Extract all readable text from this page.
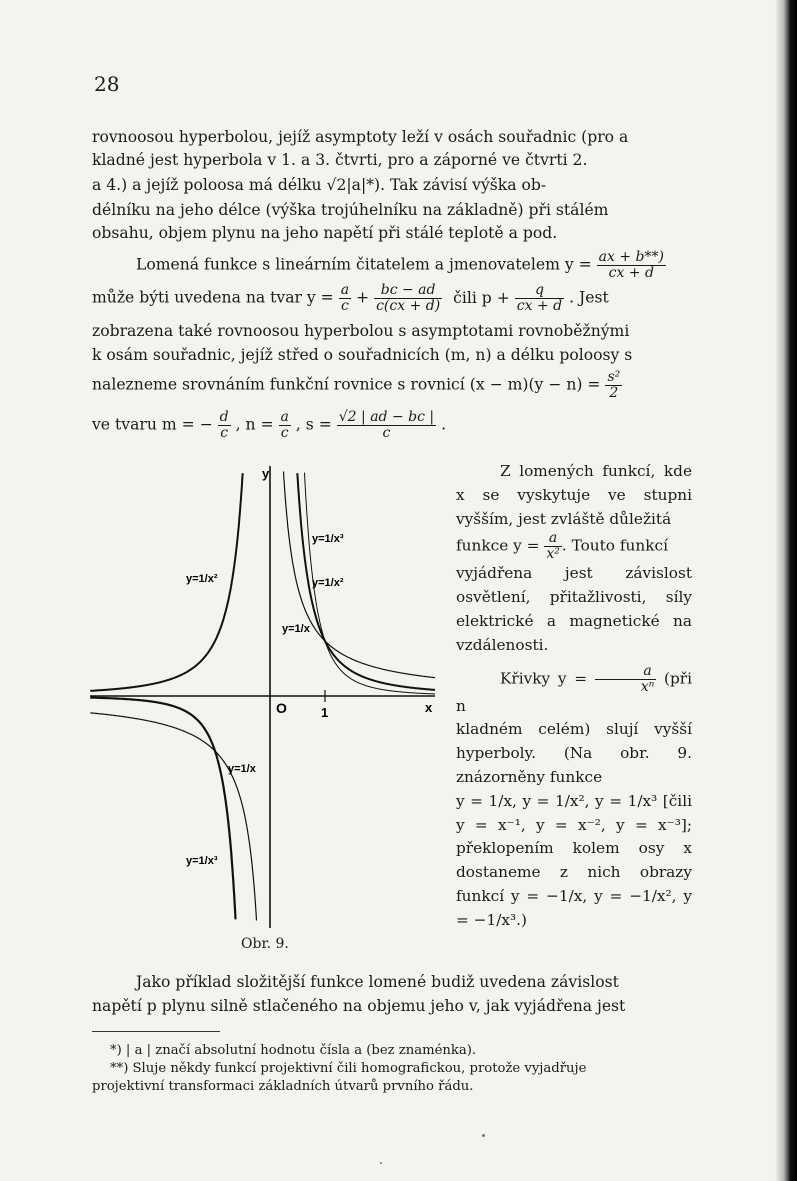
28
rovnoosou hyperbolou, jejíž asymptoty leží v osách souřadnic (pro a
kladné jest hyperbola v 1. a 3. čtvrti, pro a záporné ve čtvrti 2.
a 4.) a jejíž poloosa má délku √2|a|*). Tak závisí výška ob-
délníku na jeho délce (výška trojúhelníku na základně) při stálém
obsahu, objem plynu na jeho napětí při stálé teplotě a pod.
Lomená funkce s lineárním čitatelem a jmenovatelem $y = \frac{ax + b**)}{cx + d}$
může býti uvedena na tvar $y = \frac{a}{c} + \frac{bc - ad}{c(cx + d)}$ čili $p + \frac{q}{cx + d}$ . Jest
zobrazena také rovnoosou hyperbolou s asymptotami rovnoběžnými
k osám souřadnic, jejíž střed o souřadnicích (m, n) a délku poloosy s
nalezneme srovnáním funkční rovnice s rovnicí $(x - m)(y - n) = \frac{\text{s²}}{2}$
ve tvaru m = − $\frac{d}{c}$ , $n = \frac{a}{c}$ , $s = \frac{√2 | ad - bc |}{c}$ .
y
x
O	1
y=1/x³
y=1/x²
y=1/x
y=1/x²
y=1/x
y=1/x³
Obr. 9.

Z lomených funkcí, kde x se vyskytuje ve stupni vyšším, jest zvláště důležitá

funkce $y = \frac{a}{\text{x²}}$ . Touto funkcí

vyjádřena jest závislost osvětlení, přitažlivosti, síly elektrické a magnetické na vzdálenosti.

Křivky $y = \frac{a}{\text{xⁿ}}$ (při n

kladném celém) slují vyšší hyperboly. (Na obr. 9. znázorněny funkce

y = 1/x, y = 1/x², y = 1/x³ [čili y = x⁻¹, y = x⁻², y = x⁻³]; překlopením kolem osy x dostaneme z nich obrazy funkcí y = −1/x, y = −1/x², y = −1/x³.)

Jako příklad složitější funkce lomené budiž uvedena závislost
napětí p plynu silně stlačeného na objemu jeho v, jak vyjádřena jest
*) | a | značí absolutní hodnotu čísla a (bez znaménka).
**) Sluje někdy funkcí projektivní čili homografickou, protože vyjadřuje
projektivní transformaci základních útvarů prvního řádu.
